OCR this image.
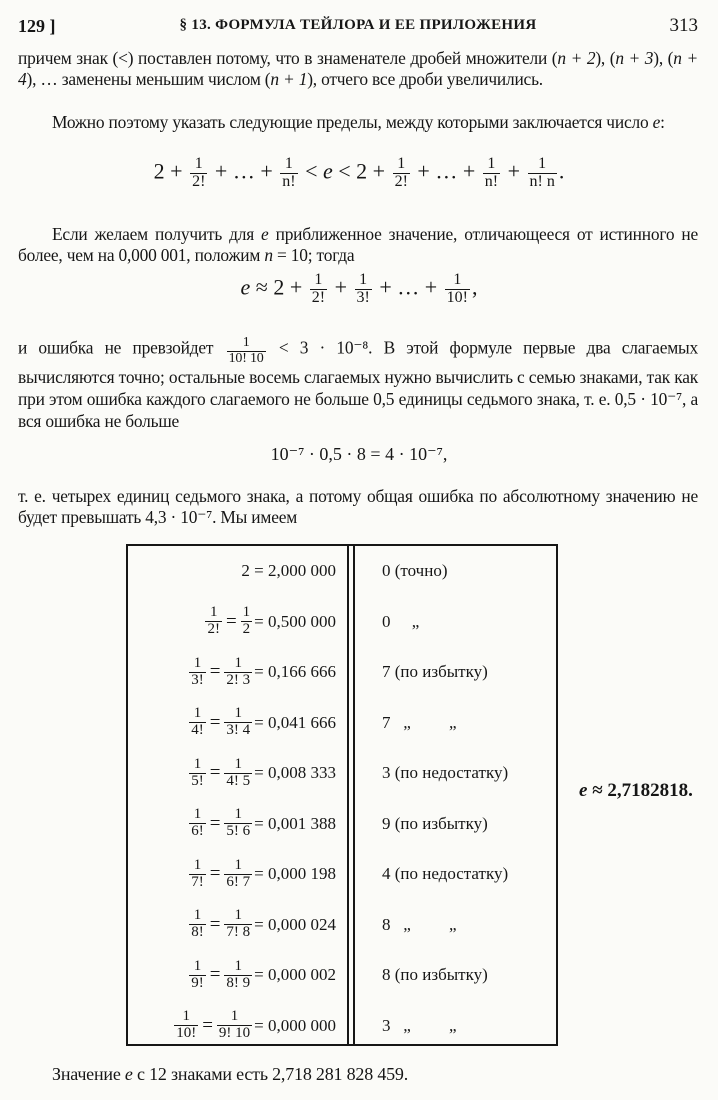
129 ]	§ 13. ФОРМУЛА ТЕЙЛОРА И ЕЕ ПРИЛОЖЕНИЯ	313
причем знак (<) поставлен потому, что в знаменателе дробей множители (n + 2), (n + 3), (n + 4), … заменены меньшим числом (n + 1), отчего все дроби увеличились.
Можно поэтому указать следующие пределы, между которыми заключается число e:
$2 + \frac{1}{2!}$ + … + $\frac{1}{n!} < e < 2 + \frac{1}{2!}$ + … + $\frac{1}{n!} + \frac{1}{n! n}$ .
Если желаем получить для e приближенное значение, отличающееся от истинного не более, чем на 0,000 001, положим n = 10; тогда
$e \approx 2 + \frac{1}{2!} + \frac{1}{3!}$ + … + $\frac{1}{10!}$ ,
и ошибка не превзойдет $\frac{1}{10! 10} < 3 \cdot 10^{-8}$. В этой формуле первые два слагаемых вычисляются точно; остальные восемь слагаемых нужно вычислить с семью знаками, так как при этом ошибка каждого слагаемого не больше 0,5 единицы седьмого знака, т. е. 0,5 · 10⁻⁷, а вся ошибка не больше
10⁻⁷ · 0,5 · 8 = 4 · 10⁻⁷,
т. е. четырех единиц седьмого знака, а потому общая ошибка по абсолютному значению не будет превышать 4,3 · 10⁻⁷. Мы имеем
2 = 2,000 000	0 (точно)
$\frac{1}{2!} = \frac{1}{2} = 0,500$ 000	0     „
$\frac{1}{3!} = \frac{1}{2! 3} = 0,166$ 666	7 (по избытку)
$\frac{1}{4!} = \frac{1}{3! 4} = 0,041$ 666	7   „         „
$\frac{1}{5!} = \frac{1}{4! 5} = 0,008$ 333	3 (по недостатку)
$\frac{1}{6!} = \frac{1}{5! 6} = 0,001$ 388	9 (по избытку)
$\frac{1}{7!} = \frac{1}{6! 7} = 0,000$ 198	4 (по недостатку)
$\frac{1}{8!} = \frac{1}{7! 8} = 0,000$ 024	8   „         „
$\frac{1}{9!} = \frac{1}{8! 9} = 0,000$ 002	8 (по избытку)
$\frac{1}{10!} = \frac{1}{9! 10} = 0,000$ 000	3   „         „
e ≈ 2,7182818.
Значение e с 12 знаками есть 2,718 281 828 459.
